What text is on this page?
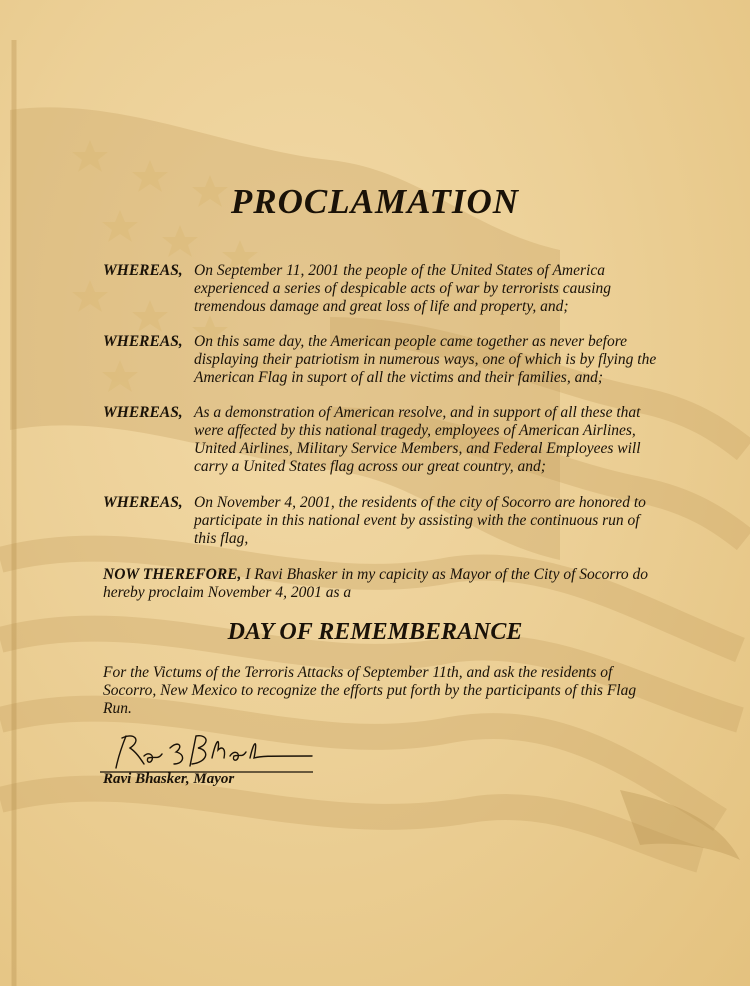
PROCLAMATION
WHEREAS, On September 11, 2001 the people of the United States of America experienced a series of despicable acts of war by terrorists causing tremendous damage and great loss of life and property, and;
WHEREAS, On this same day, the American people came together as never before displaying their patriotism in numerous ways, one of which is by flying the American Flag in suport of all the victims and their families, and;
WHEREAS, As a demonstration of American resolve, and in support of all these that were affected by this national tragedy, employees of American Airlines, United Airlines, Military Service Members, and Federal Employees will carry a United States flag across our great country, and;
WHEREAS, On November 4, 2001, the residents of the city of Socorro are honored to participate in this national event by assisting with the continuous run of this flag,
NOW THEREFORE, I Ravi Bhasker in my capicity as Mayor of the City of Socorro do hereby proclaim November 4, 2001 as a
DAY OF REMEMBERANCE
For the Victums of the Terroris Attacks of September 11th, and ask the residents of Socorro, New Mexico to recognize the efforts put forth by the participants of this Flag Run.
Ravi Bhasker, Mayor
